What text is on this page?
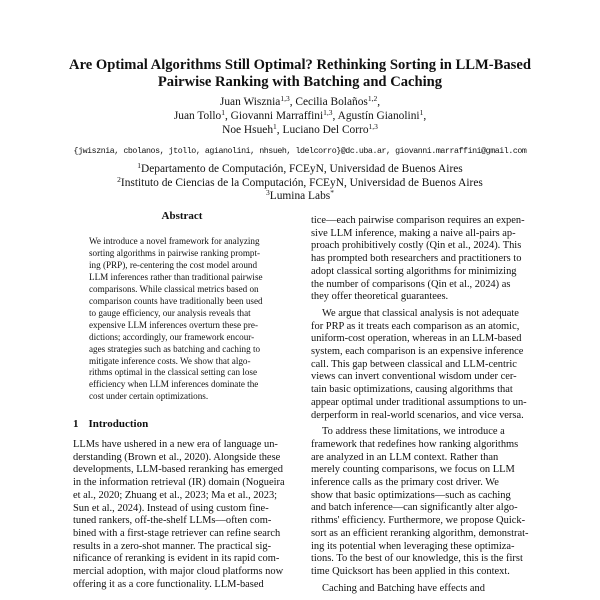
Are Optimal Algorithms Still Optimal? Rethinking Sorting in LLM-Based
Pairwise Ranking with Batching and Caching
Juan Wisznia$^{1,3}$, Cecilia Bolaños$^{1,2}$,
Juan Tollo$^1$, Giovanni Marraffini$^{1,3}$, Agustín Gianolini$^1$,
Noe Hsueh$^1$, Luciano Del Corro$^{1,3}$
{jwisznia, cbolanos, jtollo, agianolini, nhsueh, ldelcorro}@dc.uba.ar, giovanni.marraffini@gmail.com
$^1$Departamento de Computación, FCEyN, Universidad de Buenos Aires
$^2$Instituto de Ciencias de la Computación, FCEyN, Universidad de Buenos Aires
$^3$Lumina Labs*
Abstract
We introduce a novel framework for analyzing
sorting algorithms in pairwise ranking prompt-
ing (PRP), re-centering the cost model around
LLM inferences rather than traditional pairwise
comparisons. While classical metrics based on
comparison counts have traditionally been used
to gauge efficiency, our analysis reveals that
expensive LLM inferences overturn these pre-
dictions; accordingly, our framework encour-
ages strategies such as batching and caching to
mitigate inference costs. We show that algo-
rithms optimal in the classical setting can lose
efficiency when LLM inferences dominate the
cost under certain optimizations.
1 Introduction
LLMs have ushered in a new era of language un-
derstanding (Brown et al., 2020). Alongside these
developments, LLM-based reranking has emerged
in the information retrieval (IR) domain (Nogueira
et al., 2020; Zhuang et al., 2023; Ma et al., 2023;
Sun et al., 2024). Instead of using custom fine-
tuned rankers, off-the-shelf LLMs—often com-
bined with a first-stage retriever can refine search
results in a zero-shot manner. The practical sig-
nificance of reranking is evident in its rapid com-
mercial adoption, with major cloud platforms now
offering it as a core functionality. LLM-based
tice—each pairwise comparison requires an expen-
sive LLM inference, making a naive all-pairs ap-
proach prohibitively costly (Qin et al., 2024). This
has prompted both researchers and practitioners to
adopt classical sorting algorithms for minimizing
the number of comparisons (Qin et al., 2024) as
they offer theoretical guarantees.
We argue that classical analysis is not adequate
for PRP as it treats each comparison as an atomic,
uniform-cost operation, whereas in an LLM-based
system, each comparison is an expensive inference
call. This gap between classical and LLM-centric
views can invert conventional wisdom under cer-
tain basic optimizations, causing algorithms that
appear optimal under traditional assumptions to un-
derperform in real-world scenarios, and vice versa.
To address these limitations, we introduce a
framework that redefines how ranking algorithms
are analyzed in an LLM context. Rather than
merely counting comparisons, we focus on LLM
inference calls as the primary cost driver. We
show that basic optimizations—such as caching
and batch inference—can significantly alter algo-
rithms' efficiency. Furthermore, we propose Quick-
sort as an efficient reranking algorithm, demonstrat-
ing its potential when leveraging these optimiza-
tions. To the best of our knowledge, this is the first
time Quicksort has been applied in this context.
Caching and Batching have effects and
